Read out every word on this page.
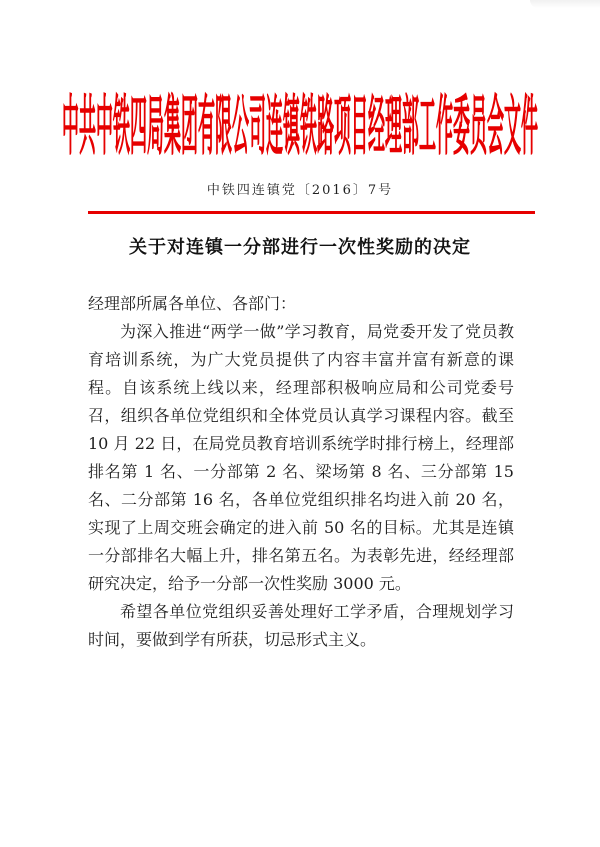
中共中铁四局集团有限公司连镇铁路项目经理部工作委员会文件
中铁四连镇党〔2016〕7号
关于对连镇一分部进行一次性奖励的决定

经理部所属各单位、各部门：

为深入推进“两学一做”学习教育，局党委开发了党员教育培训系统，为广大党员提供了内容丰富并富有新意的课程。自该系统上线以来，经理部积极响应局和公司党委号召，组织各单位党组织和全体党员认真学习课程内容。截至 10 月 22 日，在局党员教育培训系统学时排行榜上，经理部排名第 1 名、一分部第 2 名、梁场第 8 名、三分部第 15 名、二分部第 16 名，各单位党组织排名均进入前 20 名，实现了上周交班会确定的进入前 50 名的目标。尤其是连镇一分部排名大幅上升，排名第五名。为表彰先进，经经理部研究决定，给予一分部一次性奖励 3000 元。

希望各单位党组织妥善处理好工学矛盾，合理规划学习时间，要做到学有所获，切忌形式主义。
